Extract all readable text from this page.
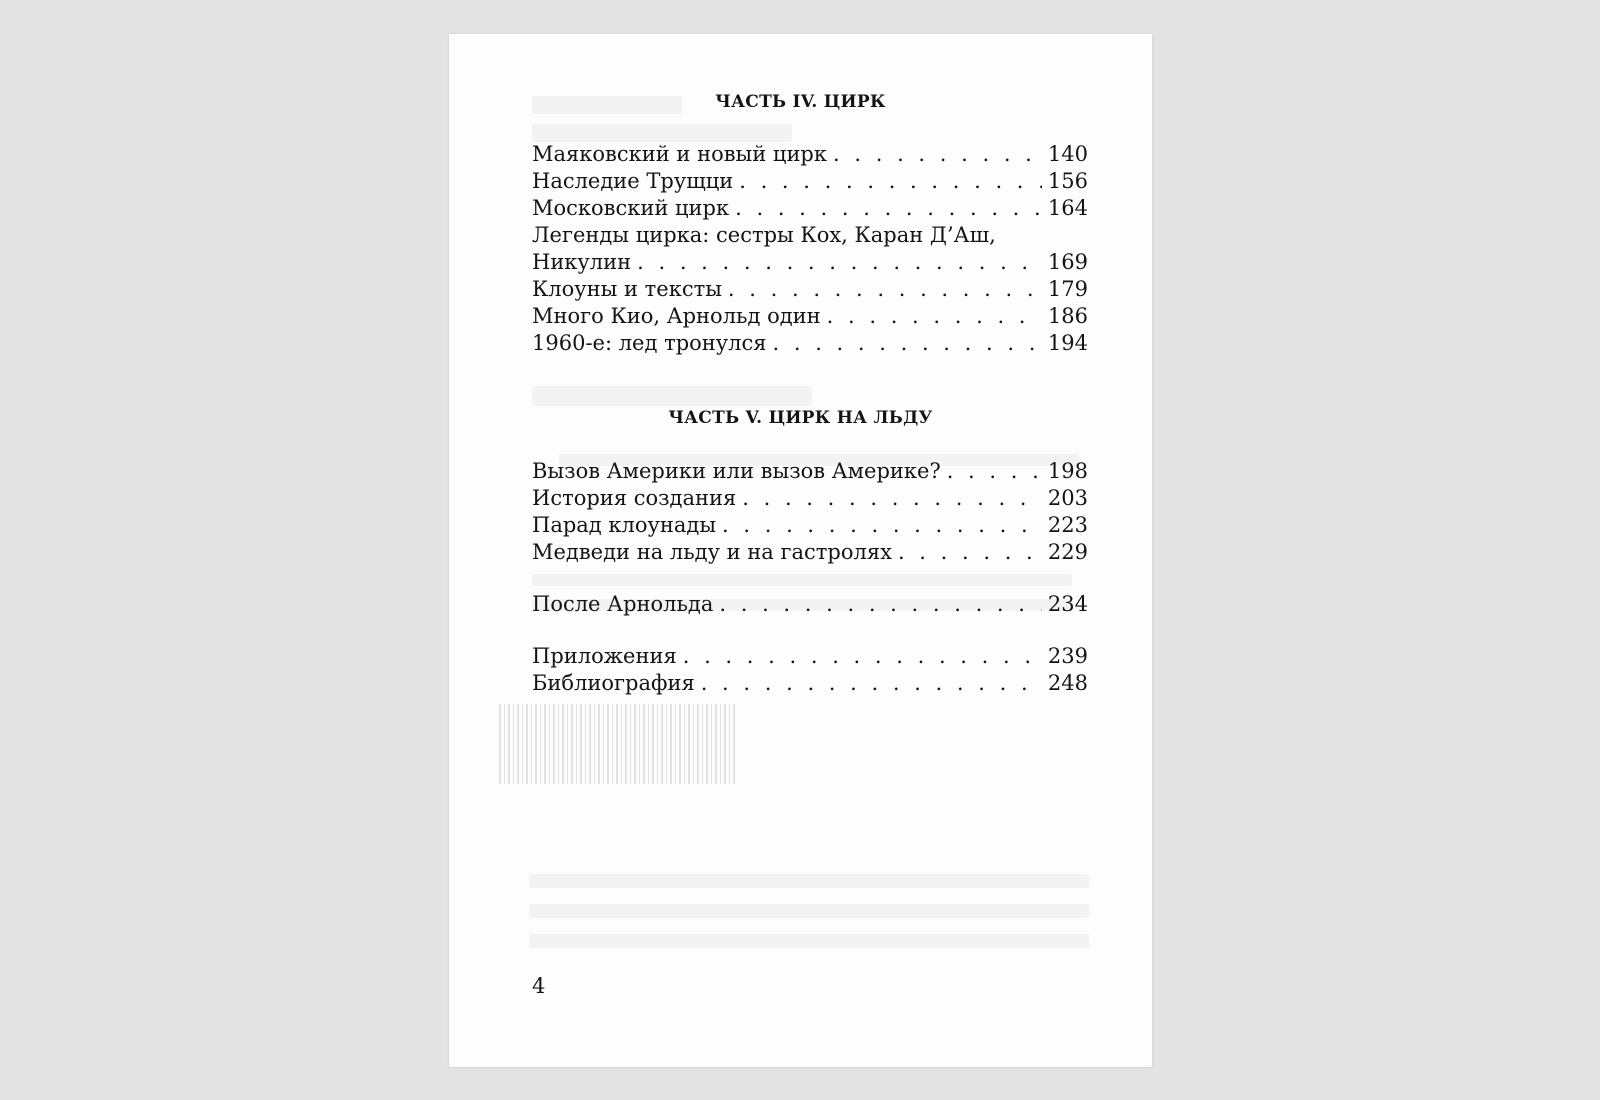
ЧАСТЬ IV. ЦИРК
Маяковский и новый цирк . . .	140
Наследие Трущци . . .	156
Московский цирк . . .	164
Легенды цирка: сестры Кох, Каран Д’Аш,
Никулин . . .	169
Клоуны и тексты . . .	179
Много Кио, Арнольд один . . .	186
1960-е: лед тронулся . . .	194
ЧАСТЬ V. ЦИРК НА ЛЬДУ
Вызов Америки или вызов Америке? . . .	198
История создания . . .	203
Парад клоунады . . .	223
Медведи на льду и на гастролях . . .	229
После Арнольда . . .	234
Приложения . . .	239
Библиография . . .	248
4
